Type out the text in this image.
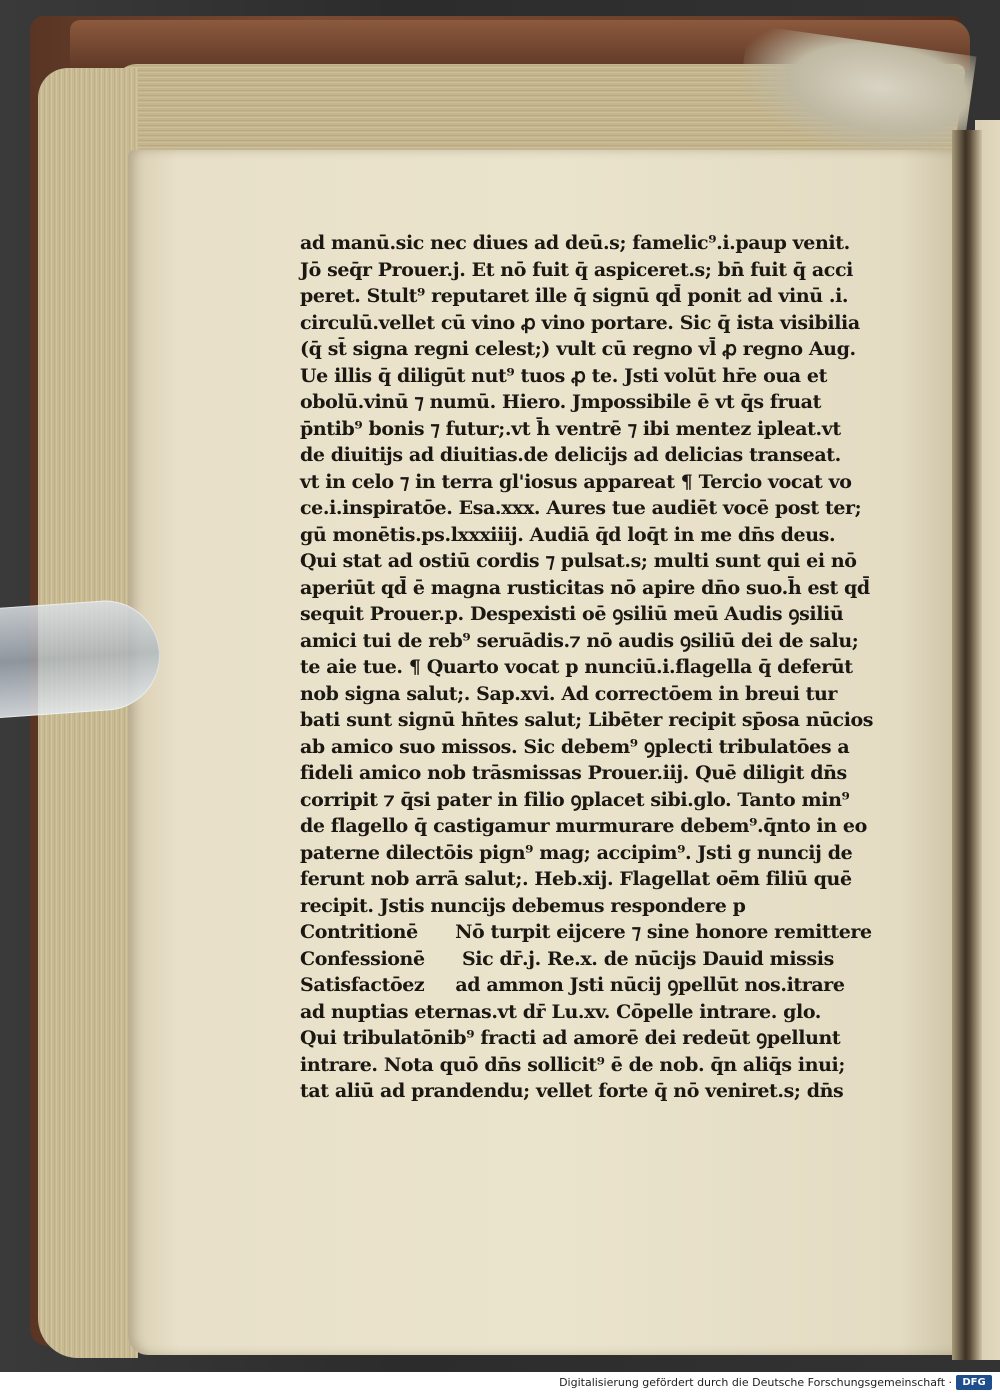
ad manū.sic nec diues ad deū.s; famelic⁹.i.paup venit.
Jō seq̄r Prouer.j. Et nō fuit q̄ aspiceret.s; bn̄ fuit q̄ acci
peret. Stult⁹ reputaret ille q̄ signū qd̄ ponit ad vinū .i.
circulū.vellet cū vino ꝓ vino portare. Sic q̄ ista visibilia
(q̄ st̄ signa regni celest;) vult cū regno vl̄ ꝓ regno Aug.
Ue illis q̄ diligūt nut⁹ tuos ꝓ te. Jsti volūt hr̄e oua et
obolū.vinū ⁊ numū. Hiero. Jmpossibile ē vt q̄s fruat
p̄ntib⁹ bonis ⁊ futur;.vt h̄ ventrē ⁊ ibi mentez ipleat.vt
de diuitijs ad diuitias.de delicijs ad delicias transeat.
vt in celo ⁊ in terra gl'iosus appareat ¶ Tercio vocat vo
ce.i.inspiratōe. Esa.xxx. Aures tue audiēt vocē post ter;
gū monētis.ps.lxxxiiij. Audiā q̄d loq̄t in me dn̄s deus.
Qui stat ad ostiū cordis ⁊ pulsat.s; multi sunt qui ei nō
aperiūt qd̄ ē magna rusticitas nō apire dn̄o suo.h̄ est qd̄
sequit Prouer.p. Despexisti oē ꝯsiliū meū Audis ꝯsiliū
amici tui de reb⁹ seruādis.⁊ nō audis ꝯsiliū dei de salu;
te aie tue. ¶ Quarto vocat p nunciū.i.flagella q̄ deferūt
nob signa salut;. Sap.xvi. Ad correctōem in breui tur
bati sunt signū hn̄tes salut; Libēter recipit sp̄osa nūcios
ab amico suo missos. Sic debem⁹ ꝯplecti tribulatōes a
fideli amico nob trāsmissas Prouer.iij. Quē diligit dn̄s
corripit ⁊ q̄si pater in filio ꝯplacet sibi.glo. Tanto min⁹
de flagello q̄ castigamur murmurare debem⁹.q̄nto in eo
paterne dilectōis pign⁹ mag; accipim⁹. Jsti g nuncij de
ferunt nob arrā salut;. Heb.xij. Flagellat oēm filiū quē
recipit. Jstis nuncijs debemus respondere p
Contritionē      Nō turpit eijcere ⁊ sine honore remittere
Confessionē      Sic dr̄.j. Re.x. de nūcijs Dauid missis
Satisfactōez     ad ammon Jsti nūcij ꝯpellūt nos.itrare
ad nuptias eternas.vt dr̄ Lu.xv. Cōpelle intrare. glo.
Qui tribulatōnib⁹ fracti ad amorē dei redeūt ꝯpellunt
intrare. Nota quō dn̄s sollicit⁹ ē de nob. q̄n aliq̄s inui;
tat aliū ad prandendu; vellet forte q̄ nō veniret.s; dn̄s
Digitalisierung gefördert durch die Deutsche Forschungsgemeinschaft ·	DFG
